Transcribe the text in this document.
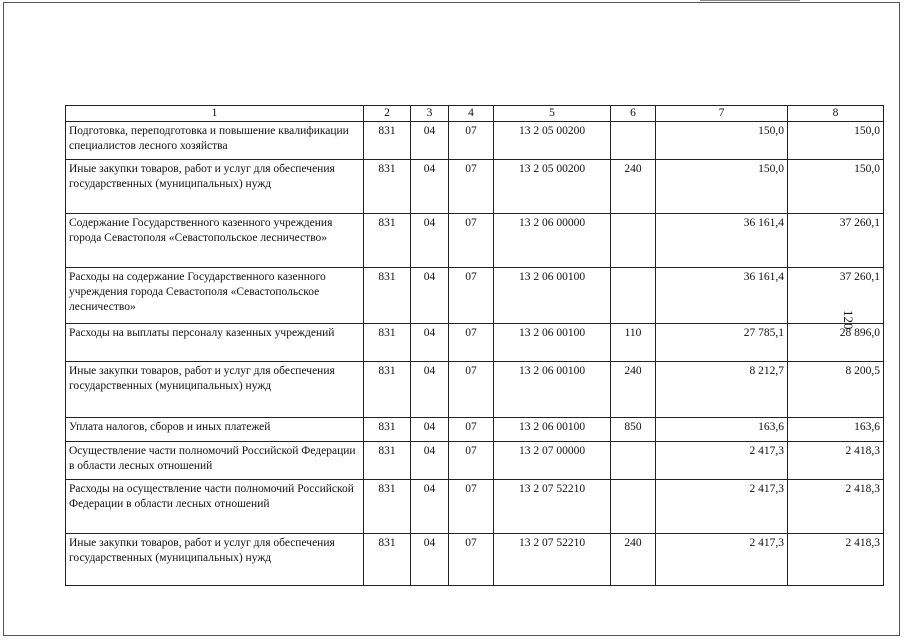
120
1	2	3	4	5	6	7	8
Подготовка, переподготовка и повышение квалификации специалистов лесного хозяйства	831	04	07	13 2 05 00200		150,0	150,0
Иные закупки товаров, работ и услуг для обеспечения государственных (муниципальных) нужд	831	04	07	13 2 05 00200	240	150,0	150,0
Содержание Государственного казенного учреждения города Севастополя «Севастопольское лесничество»	831	04	07	13 2 06 00000		36 161,4	37 260,1
Расходы на содержание Государственного казенного учреждения города Севастополя «Севастопольское лесничество»	831	04	07	13 2 06 00100		36 161,4	37 260,1
Расходы на выплаты персоналу казенных учреждений	831	04	07	13 2 06 00100	110	27 785,1	28 896,0
Иные закупки товаров, работ и услуг для обеспечения государственных (муниципальных) нужд	831	04	07	13 2 06 00100	240	8 212,7	8 200,5
Уплата налогов, сборов и иных платежей	831	04	07	13 2 06 00100	850	163,6	163,6
Осуществление части полномочий Российской Федерации в области лесных отношений	831	04	07	13 2 07 00000		2 417,3	2 418,3
Расходы на осуществление части полномочий Российской Федерации в области лесных отношений	831	04	07	13 2 07 52210		2 417,3	2 418,3
Иные закупки товаров, работ и услуг для обеспечения государственных (муниципальных) нужд	831	04	07	13 2 07 52210	240	2 417,3	2 418,3
